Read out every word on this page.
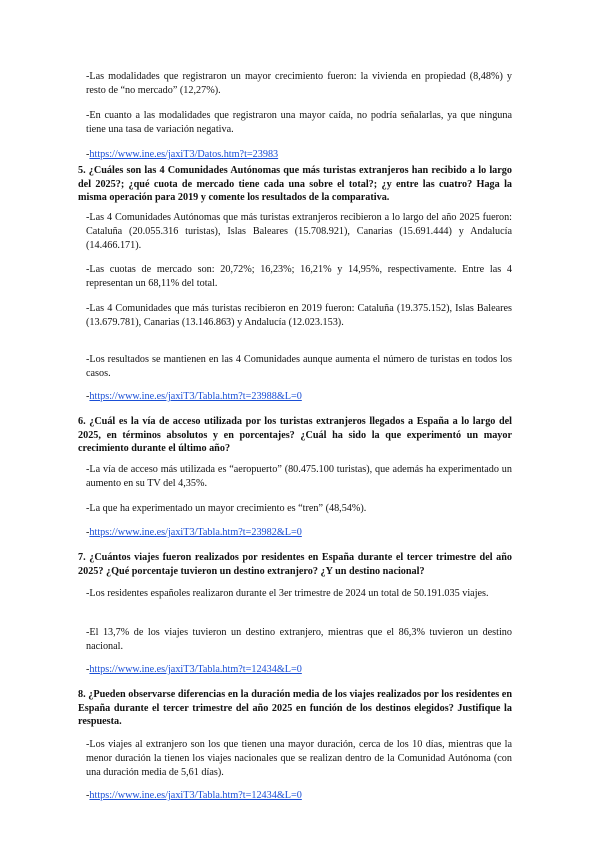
-Las modalidades que registraron un mayor crecimiento fueron: la vivienda en propiedad (8,48%) y resto de “no mercado” (12,27%).

-En cuanto a las modalidades que registraron una mayor caída, no podría señalarlas, ya que ninguna tiene una tasa de variación negativa.

-https://www.ine.es/jaxiT3/Datos.htm?t=23983

5. ¿Cuáles son las 4 Comunidades Autónomas que más turistas extranjeros han recibido a lo largo del 2025?; ¿qué cuota de mercado tiene cada una sobre el total?; ¿y entre las cuatro? Haga la misma operación para 2019 y comente los resultados de la comparativa.

-Las 4 Comunidades Autónomas que más turistas extranjeros recibieron a lo largo del año 2025 fueron: Cataluña (20.055.316 turistas), Islas Baleares (15.708.921), Canarias (15.691.444) y Andalucía (14.466.171).

-Las cuotas de mercado son: 20,72%; 16,23%; 16,21% y 14,95%, respectivamente. Entre las 4 representan un 68,11% del total.

-Las 4 Comunidades que más turistas recibieron en 2019 fueron: Cataluña (19.375.152), Islas Baleares (13.679.781), Canarias (13.146.863) y Andalucía (12.023.153).

-Los resultados se mantienen en las 4 Comunidades aunque aumenta el número de turistas en todos los casos.

-https://www.ine.es/jaxiT3/Tabla.htm?t=23988&L=0

6. ¿Cuál es la vía de acceso utilizada por los turistas extranjeros llegados a España a lo largo del 2025, en términos absolutos y en porcentajes? ¿Cuál ha sido la que experimentó un mayor crecimiento durante el último año?

-La vía de acceso más utilizada es “aeropuerto” (80.475.100 turistas), que además ha experimentado un aumento en su TV del 4,35%.

-La que ha experimentado un mayor crecimiento es “tren” (48,54%).

-https://www.ine.es/jaxiT3/Tabla.htm?t=23982&L=0

7. ¿Cuántos viajes fueron realizados por residentes en España durante el tercer trimestre del año 2025? ¿Qué porcentaje tuvieron un destino extranjero? ¿Y un destino nacional?

-Los residentes españoles realizaron durante el 3er trimestre de 2024 un total de 50.191.035 viajes.

-El 13,7% de los viajes tuvieron un destino extranjero, mientras que el 86,3% tuvieron un destino nacional.

-https://www.ine.es/jaxiT3/Tabla.htm?t=12434&L=0

8. ¿Pueden observarse diferencias en la duración media de los viajes realizados por los residentes en España durante el tercer trimestre del año 2025 en función de los destinos elegidos? Justifique la respuesta.

-Los viajes al extranjero son los que tienen una mayor duración, cerca de los 10 días, mientras que la menor duración la tienen los viajes nacionales que se realizan dentro de la Comunidad Autónoma (con una duración media de 5,61 días).

-https://www.ine.es/jaxiT3/Tabla.htm?t=12434&L=0
